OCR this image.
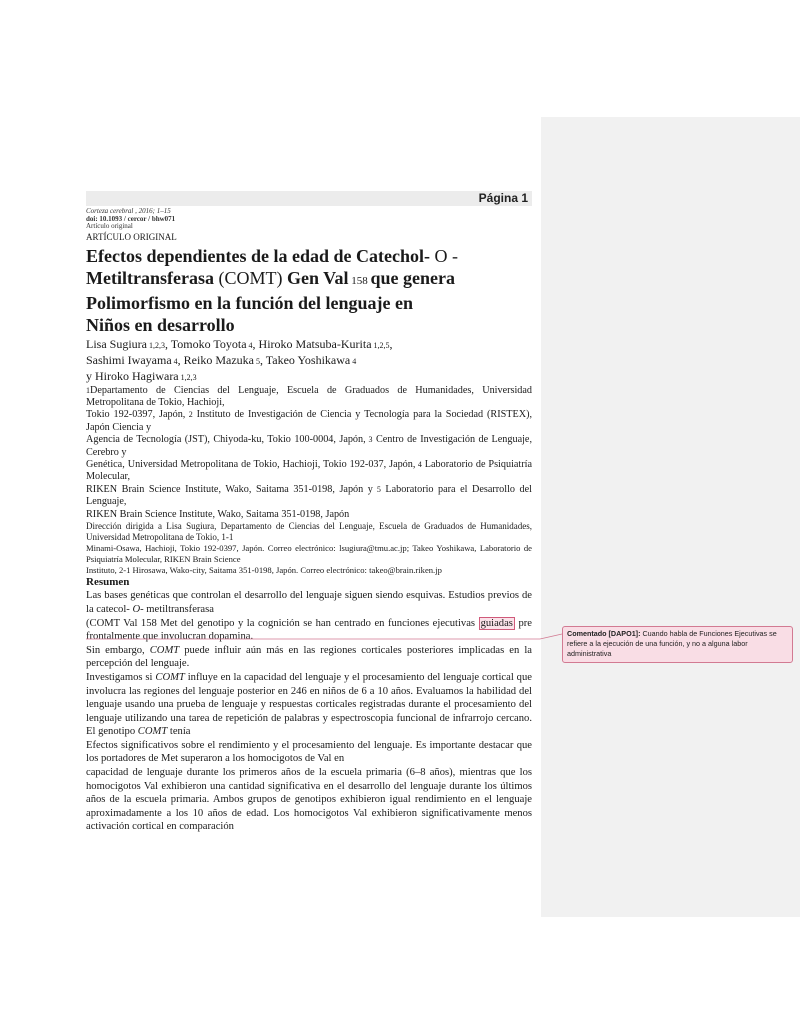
Página 1
Corteza cerebral , 2016; 1–15
doi: 10.1093 / cercor / bhw071
Artículo original
ARTÍCULO ORIGINAL
Efectos dependientes de la edad de Catechol- O -
Metiltransferasa (COMT) Gen Val 158 que genera
Polimorfismo en la función del lenguaje en
Niños en desarrollo
Lisa Sugiura 1,2,3, Tomoko Toyota 4, Hiroko Matsuba-Kurita 1,2,5,
Sashimi Iwayama 4, Reiko Mazuka 5, Takeo Yoshikawa 4
y Hiroko Hagiwara 1,2,3
1Departamento de Ciencias del Lenguaje, Escuela de Graduados de Humanidades, Universidad Metropolitana de Tokio, Hachioji,
Tokio 192-0397, Japón, 2 Instituto de Investigación de Ciencia y Tecnología para la Sociedad (RISTEX), Japón Ciencia y
Agencia de Tecnología (JST), Chiyoda-ku, Tokio 100-0004, Japón, 3 Centro de Investigación de Lenguaje, Cerebro y
Genética, Universidad Metropolitana de Tokio, Hachioji, Tokio 192-037, Japón, 4 Laboratorio de Psiquiatría Molecular,
RIKEN Brain Science Institute, Wako, Saitama 351-0198, Japón y 5 Laboratorio para el Desarrollo del Lenguaje,
RIKEN Brain Science Institute, Wako, Saitama 351-0198, Japón
Dirección dirigida a Lisa Sugiura, Departamento de Ciencias del Lenguaje, Escuela de Graduados de Humanidades, Universidad Metropolitana de Tokio, 1-1
Minami-Osawa, Hachioji, Tokio 192-0397, Japón. Correo electrónico: lsugiura@tmu.ac.jp; Takeo Yoshikawa, Laboratorio de Psiquiatría Molecular, RIKEN Brain Science
Instituto, 2-1 Hirosawa, Wako-city, Saitama 351-0198, Japón. Correo electrónico: takeo@brain.riken.jp
Resumen
Las bases genéticas que controlan el desarrollo del lenguaje siguen siendo esquivas. Estudios previos de la catecol- O- metiltransferasa
(COMT Val 158 Met del genotipo y la cognición se han centrado en funciones ejecutivas guiadas pre frontalmente que involucran dopamina.
Sin embargo, COMT puede influir aún más en las regiones corticales posteriores implicadas en la percepción del lenguaje.
Investigamos si COMT influye en la capacidad del lenguaje y el procesamiento del lenguaje cortical que involucra las regiones del lenguaje posterior en 246 en niños de 6 a 10 años. Evaluamos la habilidad del lenguaje usando una prueba de lenguaje y respuestas corticales registradas durante el procesamiento del lenguaje utilizando una tarea de repetición de palabras y espectroscopia funcional de infrarrojo cercano. El genotipo COMT tenía
Efectos significativos sobre el rendimiento y el procesamiento del lenguaje. Es importante destacar que los portadores de Met superaron a los homocigotos de Val en
capacidad de lenguaje durante los primeros años de la escuela primaria (6–8 años), mientras que los homocigotos Val exhibieron una cantidad significativa en el desarrollo del lenguaje durante los últimos años de la escuela primaria. Ambos grupos de genotipos exhibieron igual rendimiento en el lenguaje aproximadamente a los 10 años de edad. Los homocigotos Val exhibieron significativamente menos activación cortical en comparación
Comentado [DAPO1]: Cuando habla de Funciones Ejecutivas se refiere a la ejecución de una función, y no a alguna labor administrativa
